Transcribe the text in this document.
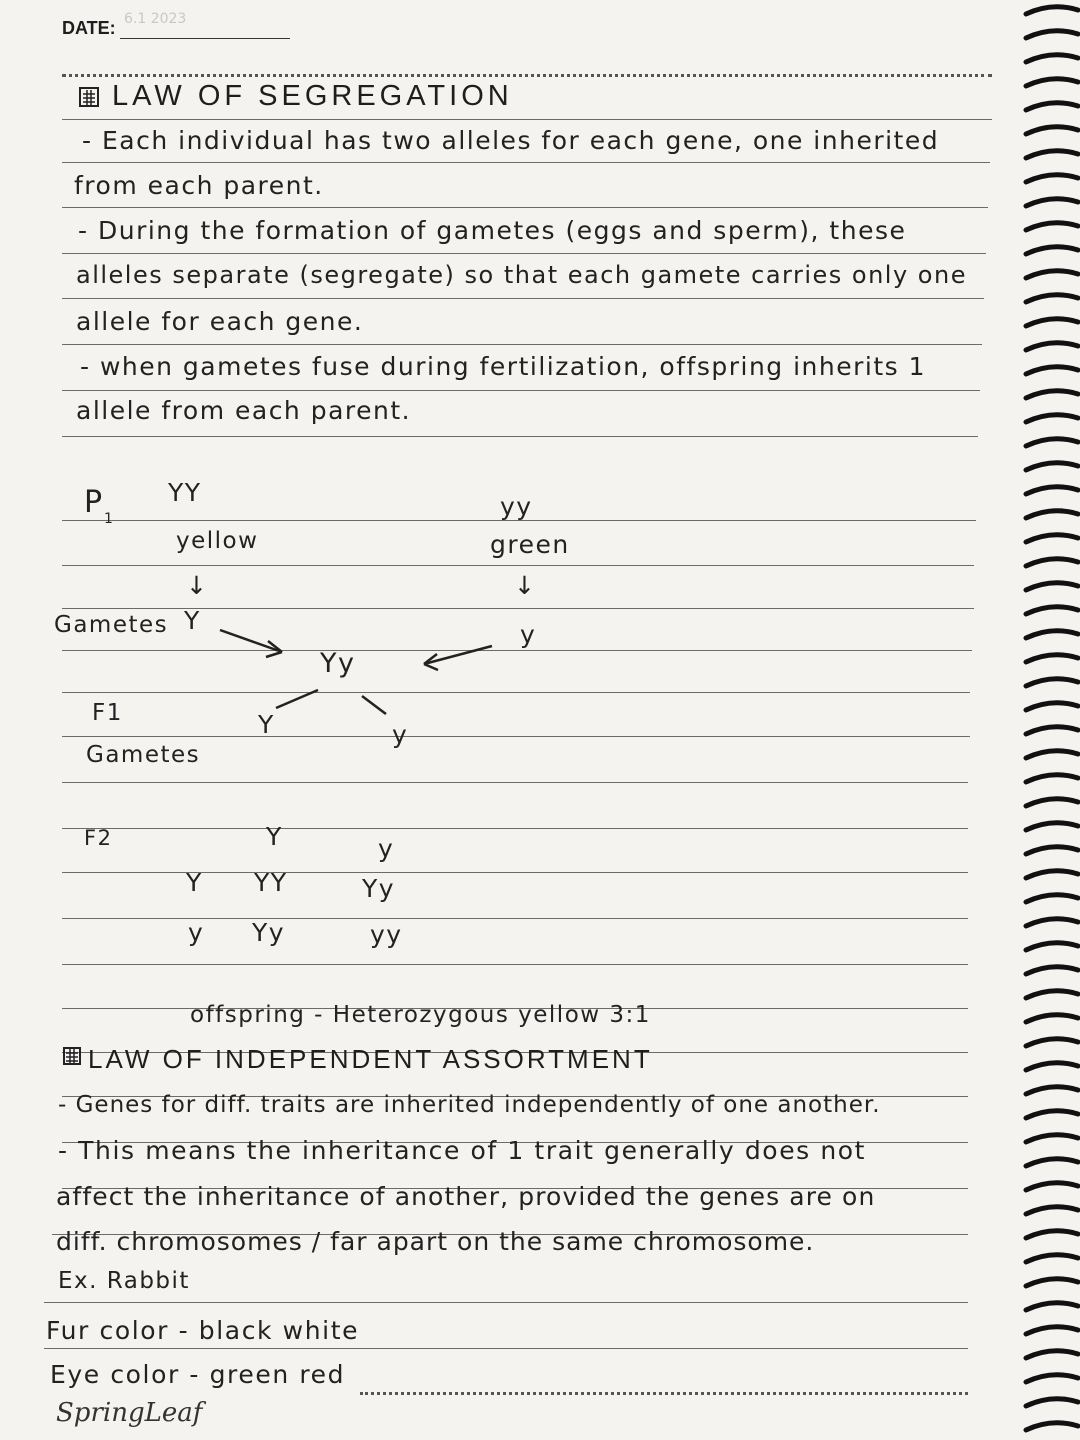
DATE: 6.1 2023
LAW OF SEGREGATION
- Each individual has two alleles for each gene, one inherited
from each parent.
- During the formation of gametes (eggs and sperm), these
alleles separate (segregate) so that each gamete carries only one
allele for each gene.
- when gametes fuse during fertilization, offspring inherits 1
allele from each parent.
P 1
YY	yy
yellow	green
↓	↓
Gametes Y	y
Yy
F1	Y	y
Gametes
F2	Y	y
Y YY	Yy
y Yy	yy
offspring - Heterozygous yellow 3:1
LAW OF INDEPENDENT ASSORTMENT
- Genes for diff. traits are inherited independently of one another.
- This means the inheritance of 1 trait generally does not
affect the inheritance of another, provided the genes are on
diff. chromosomes / far apart on the same chromosome.
Ex. Rabbit
Fur color - black white
Eye color - green red
SpringLeaf
